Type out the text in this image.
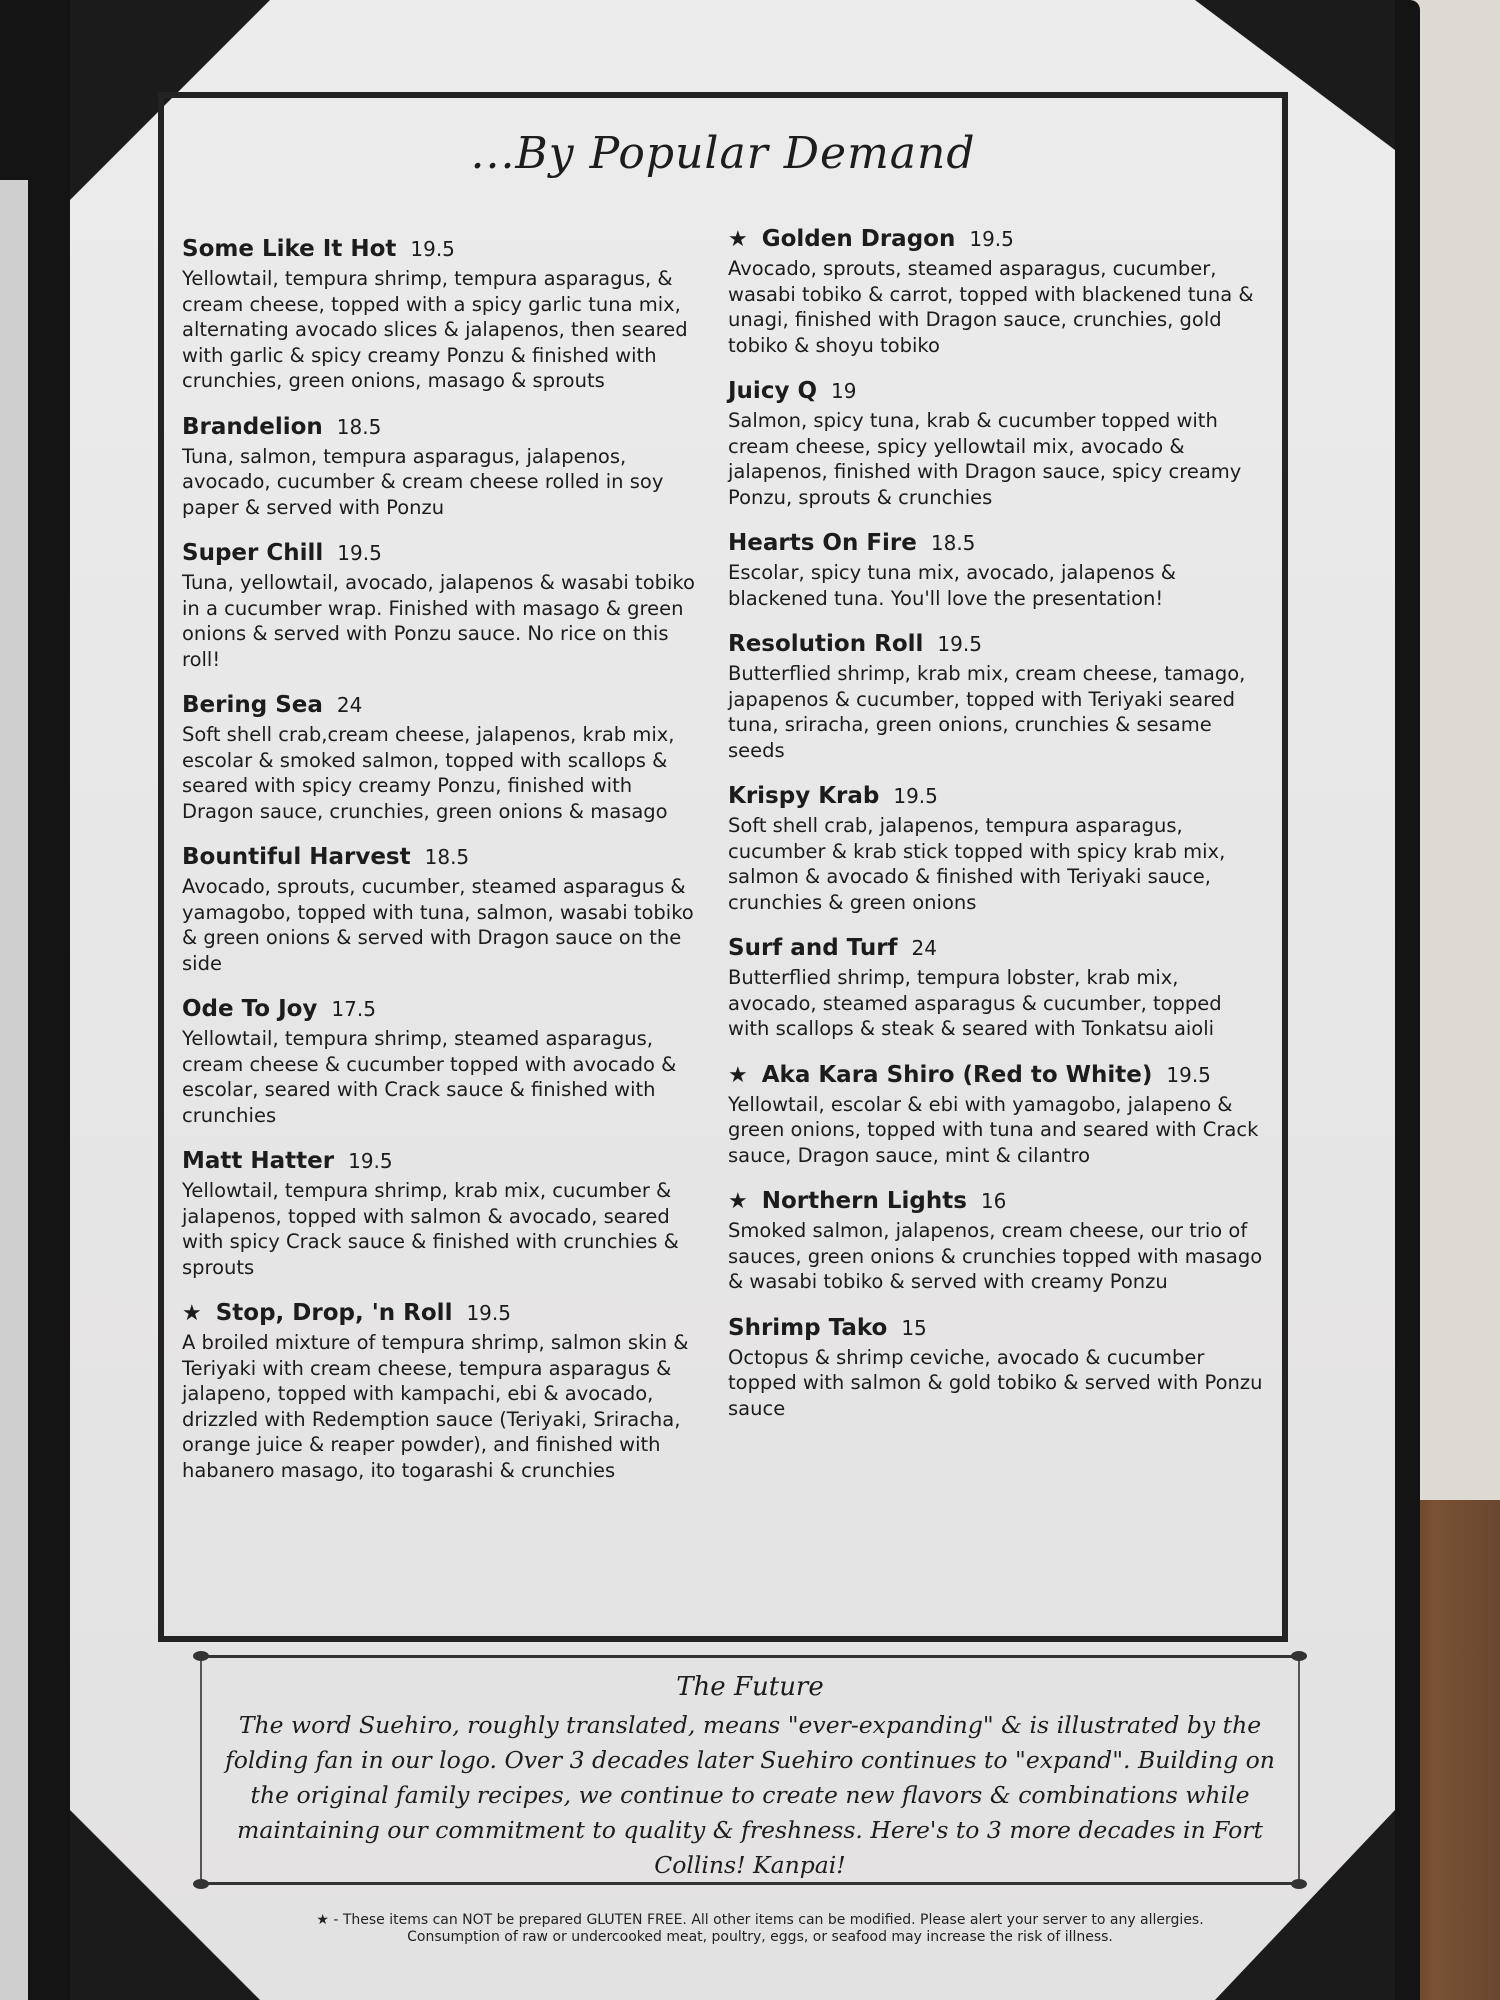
...By Popular Demand
Some Like It Hot 19.5
Yellowtail, tempura shrimp, tempura asparagus, & cream cheese, topped with a spicy garlic tuna mix, alternating avocado slices & jalapenos, then seared with garlic & spicy creamy Ponzu & finished with crunchies, green onions, masago & sprouts
Brandelion 18.5
Tuna, salmon, tempura asparagus, jalapenos, avocado, cucumber & cream cheese rolled in soy paper & served with Ponzu
Super Chill 19.5
Tuna, yellowtail, avocado, jalapenos & wasabi tobiko in a cucumber wrap. Finished with masago & green onions & served with Ponzu sauce. No rice on this roll!
Bering Sea 24
Soft shell crab,cream cheese, jalapenos, krab mix, escolar & smoked salmon, topped with scallops & seared with spicy creamy Ponzu, finished with Dragon sauce, crunchies, green onions & masago
Bountiful Harvest 18.5
Avocado, sprouts, cucumber, steamed asparagus & yamagobo, topped with tuna, salmon, wasabi tobiko & green onions & served with Dragon sauce on the side
Ode To Joy 17.5
Yellowtail, tempura shrimp, steamed asparagus, cream cheese & cucumber topped with avocado & escolar, seared with Crack sauce & finished with crunchies
Matt Hatter 19.5
Yellowtail, tempura shrimp, krab mix, cucumber & jalapenos, topped with salmon & avocado, seared with spicy Crack sauce & finished with crunchies & sprouts
★ Stop, Drop, 'n Roll 19.5
A broiled mixture of tempura shrimp, salmon skin & Teriyaki with cream cheese, tempura asparagus & jalapeno, topped with kampachi, ebi & avocado, drizzled with Redemption sauce (Teriyaki, Sriracha, orange juice & reaper powder), and finished with habanero masago, ito togarashi & crunchies
★ Golden Dragon 19.5
Avocado, sprouts, steamed asparagus, cucumber, wasabi tobiko & carrot, topped with blackened tuna & unagi, finished with Dragon sauce, crunchies, gold tobiko & shoyu tobiko
Juicy Q 19
Salmon, spicy tuna, krab & cucumber topped with cream cheese, spicy yellowtail mix, avocado & jalapenos, finished with Dragon sauce, spicy creamy Ponzu, sprouts & crunchies
Hearts On Fire 18.5
Escolar, spicy tuna mix, avocado, jalapenos & blackened tuna. You'll love the presentation!
Resolution Roll 19.5
Butterflied shrimp, krab mix, cream cheese, tamago, japapenos & cucumber, topped with Teriyaki seared tuna, sriracha, green onions, crunchies & sesame seeds
Krispy Krab 19.5
Soft shell crab, jalapenos, tempura asparagus, cucumber & krab stick topped with spicy krab mix, salmon & avocado & finished with Teriyaki sauce, crunchies & green onions
Surf and Turf 24
Butterflied shrimp, tempura lobster, krab mix, avocado, steamed asparagus & cucumber, topped with scallops & steak & seared with Tonkatsu aioli
★ Aka Kara Shiro (Red to White) 19.5
Yellowtail, escolar & ebi with yamagobo, jalapeno & green onions, topped with tuna and seared with Crack sauce, Dragon sauce, mint & cilantro
★ Northern Lights 16
Smoked salmon, jalapenos, cream cheese, our trio of sauces, green onions & crunchies topped with masago & wasabi tobiko & served with creamy Ponzu
Shrimp Tako 15
Octopus & shrimp ceviche, avocado & cucumber topped with salmon & gold tobiko & served with Ponzu sauce
The Future
The word Suehiro, roughly translated, means "ever-expanding" & is illustrated by the folding fan in our logo. Over 3 decades later Suehiro continues to "expand". Building on the original family recipes, we continue to create new flavors & combinations while maintaining our commitment to quality & freshness. Here's to 3 more decades in Fort Collins! Kanpai!
★ - These items can NOT be prepared GLUTEN FREE. All other items can be modified. Please alert your server to any allergies.
Consumption of raw or undercooked meat, poultry, eggs, or seafood may increase the risk of illness.
